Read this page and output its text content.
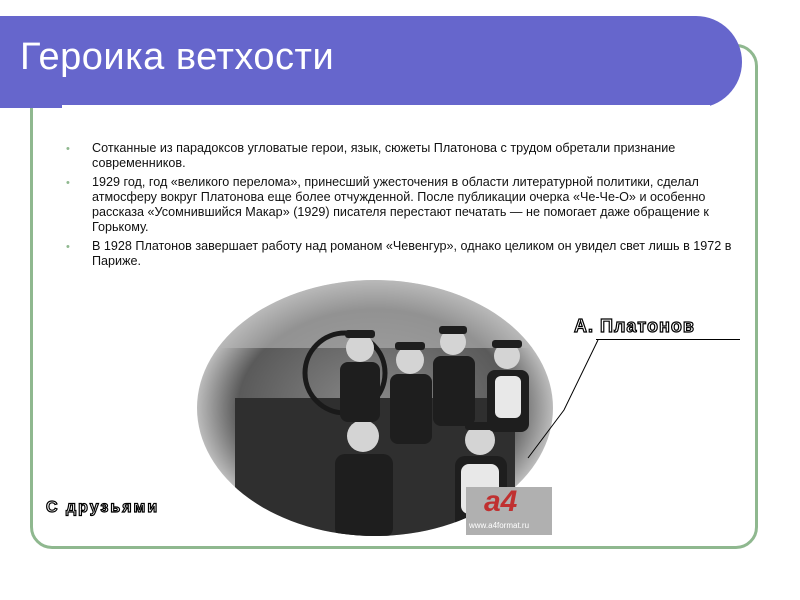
Героика ветхости
• Сотканные из парадоксов угловатые герои, язык, сюжеты Платонова с трудом обретали признание современников.
• 1929 год, год «великого перелома», принесший ужесточения в области литературной политики, сделал атмосферу вокруг Платонова еще более отчужденной. После публикации очерка «Че-Че-О» и особенно рассказа «Усомнившийся Макар» (1929) писателя перестают печатать — не помогает даже обращение к Горькому.
• В 1928 Платонов завершает работу над романом «Чевенгур», однако целиком он увидел свет лишь в 1972 в Париже.
А. Платонов
a4
www.a4format.ru
С друзьями
